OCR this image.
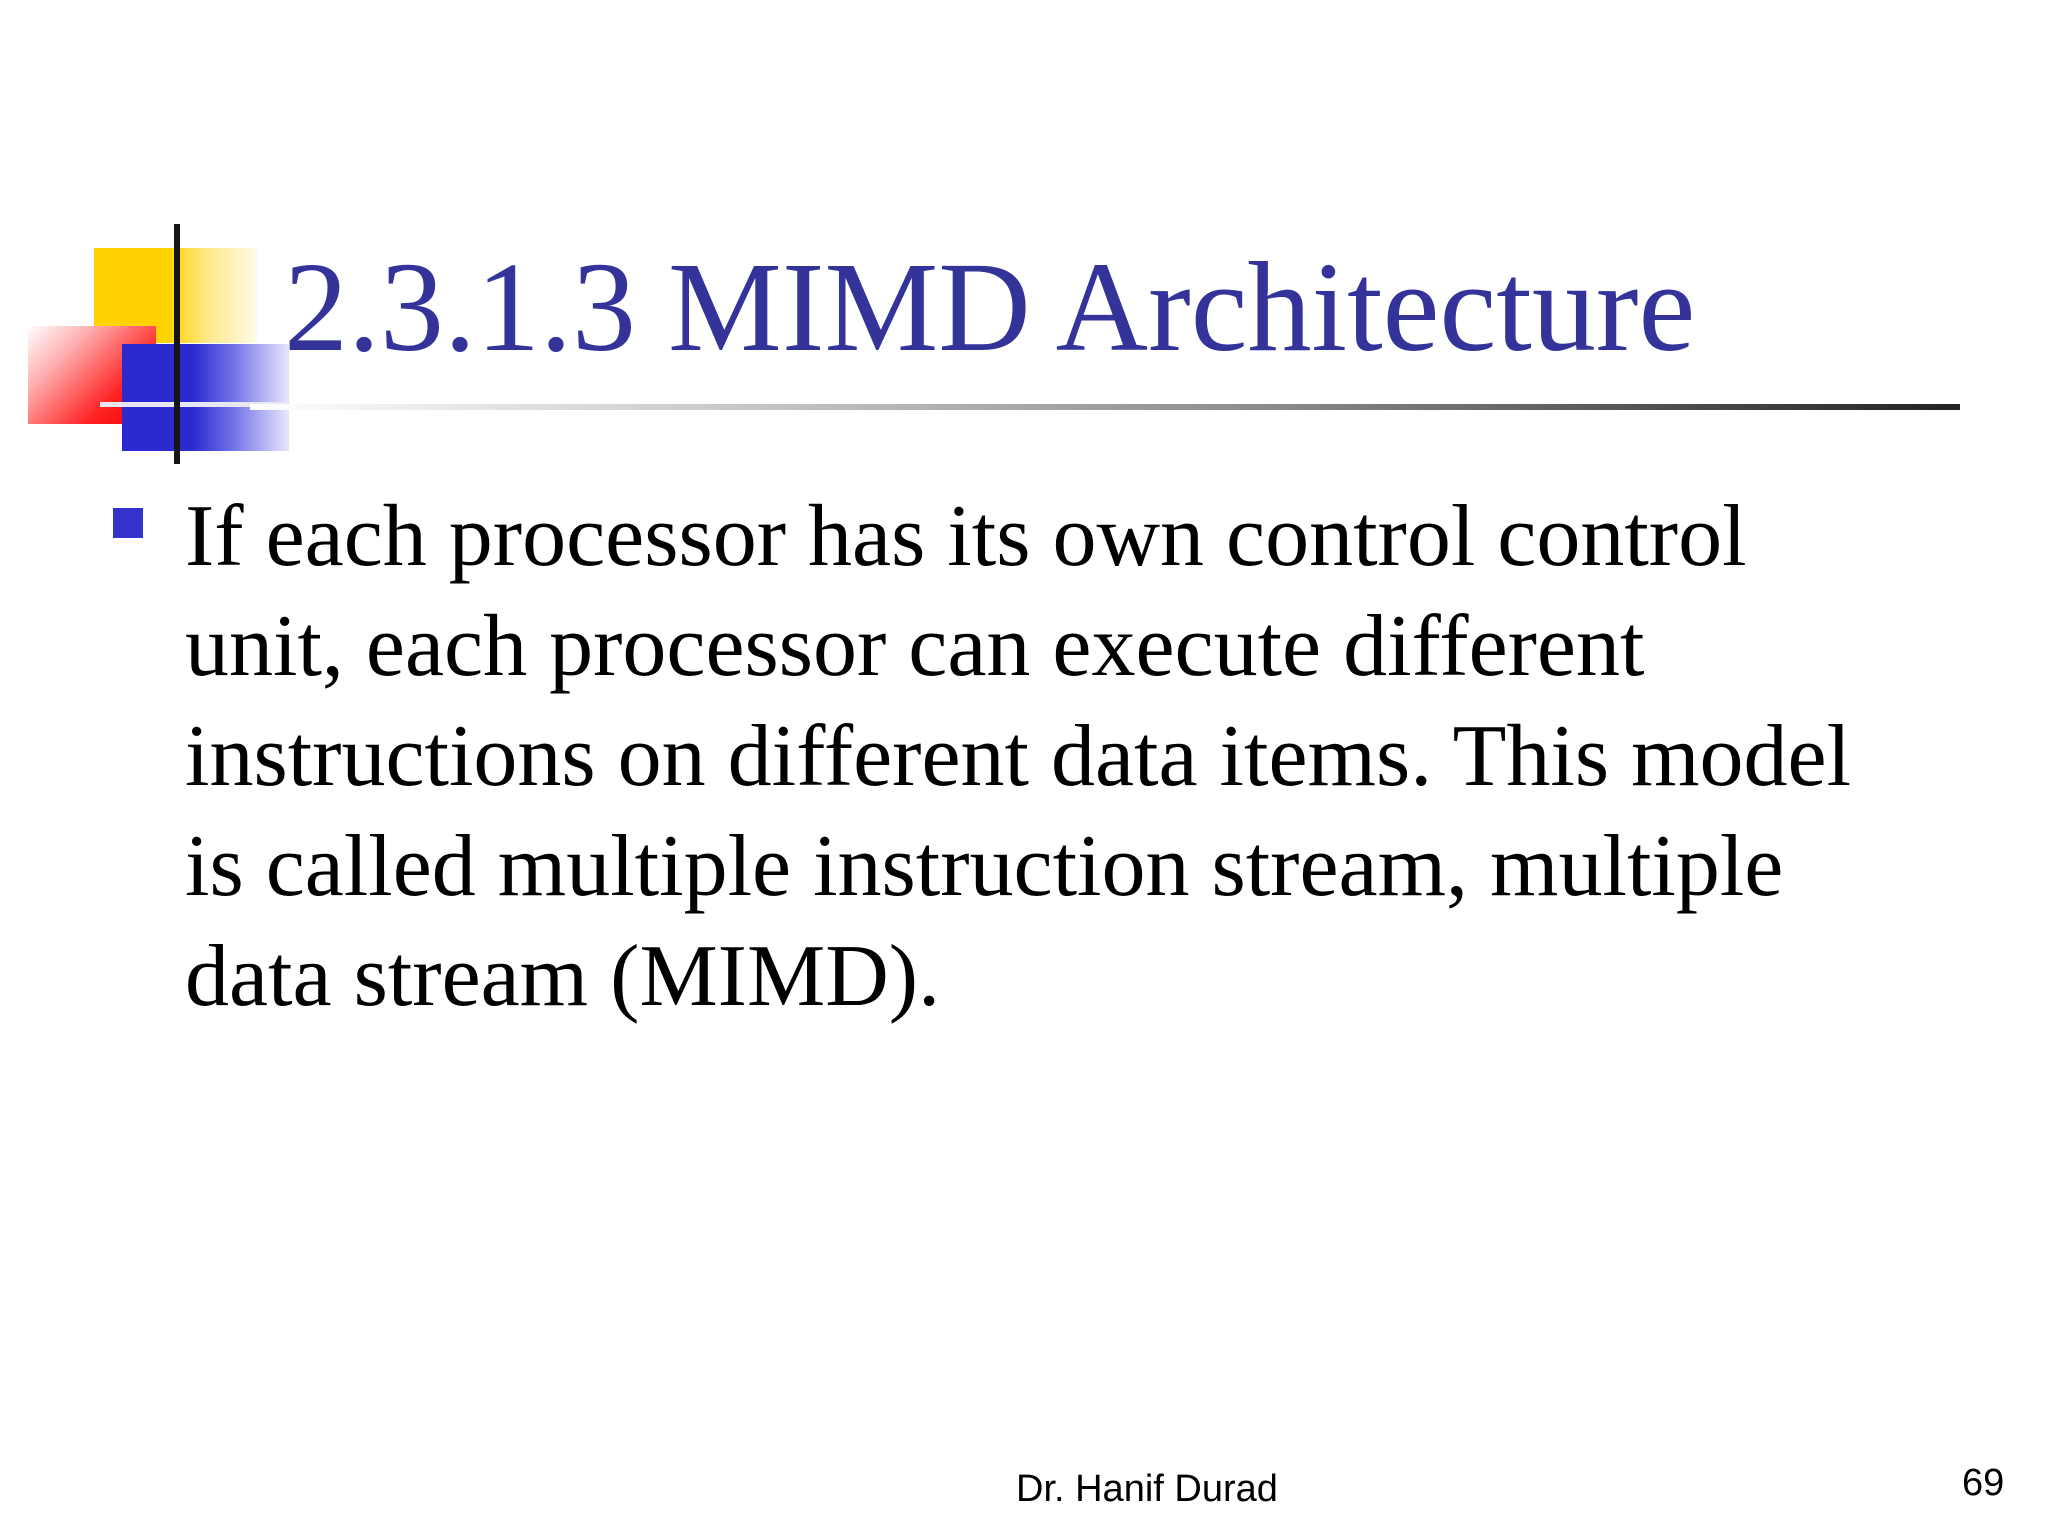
2.3.1.3 MIMD Architecture

If each processor has its own control control
unit, each processor can execute different
instructions on different data items. This model
is called multiple instruction stream, multiple
data stream (MIMD).

Dr. Hanif Durad	69
